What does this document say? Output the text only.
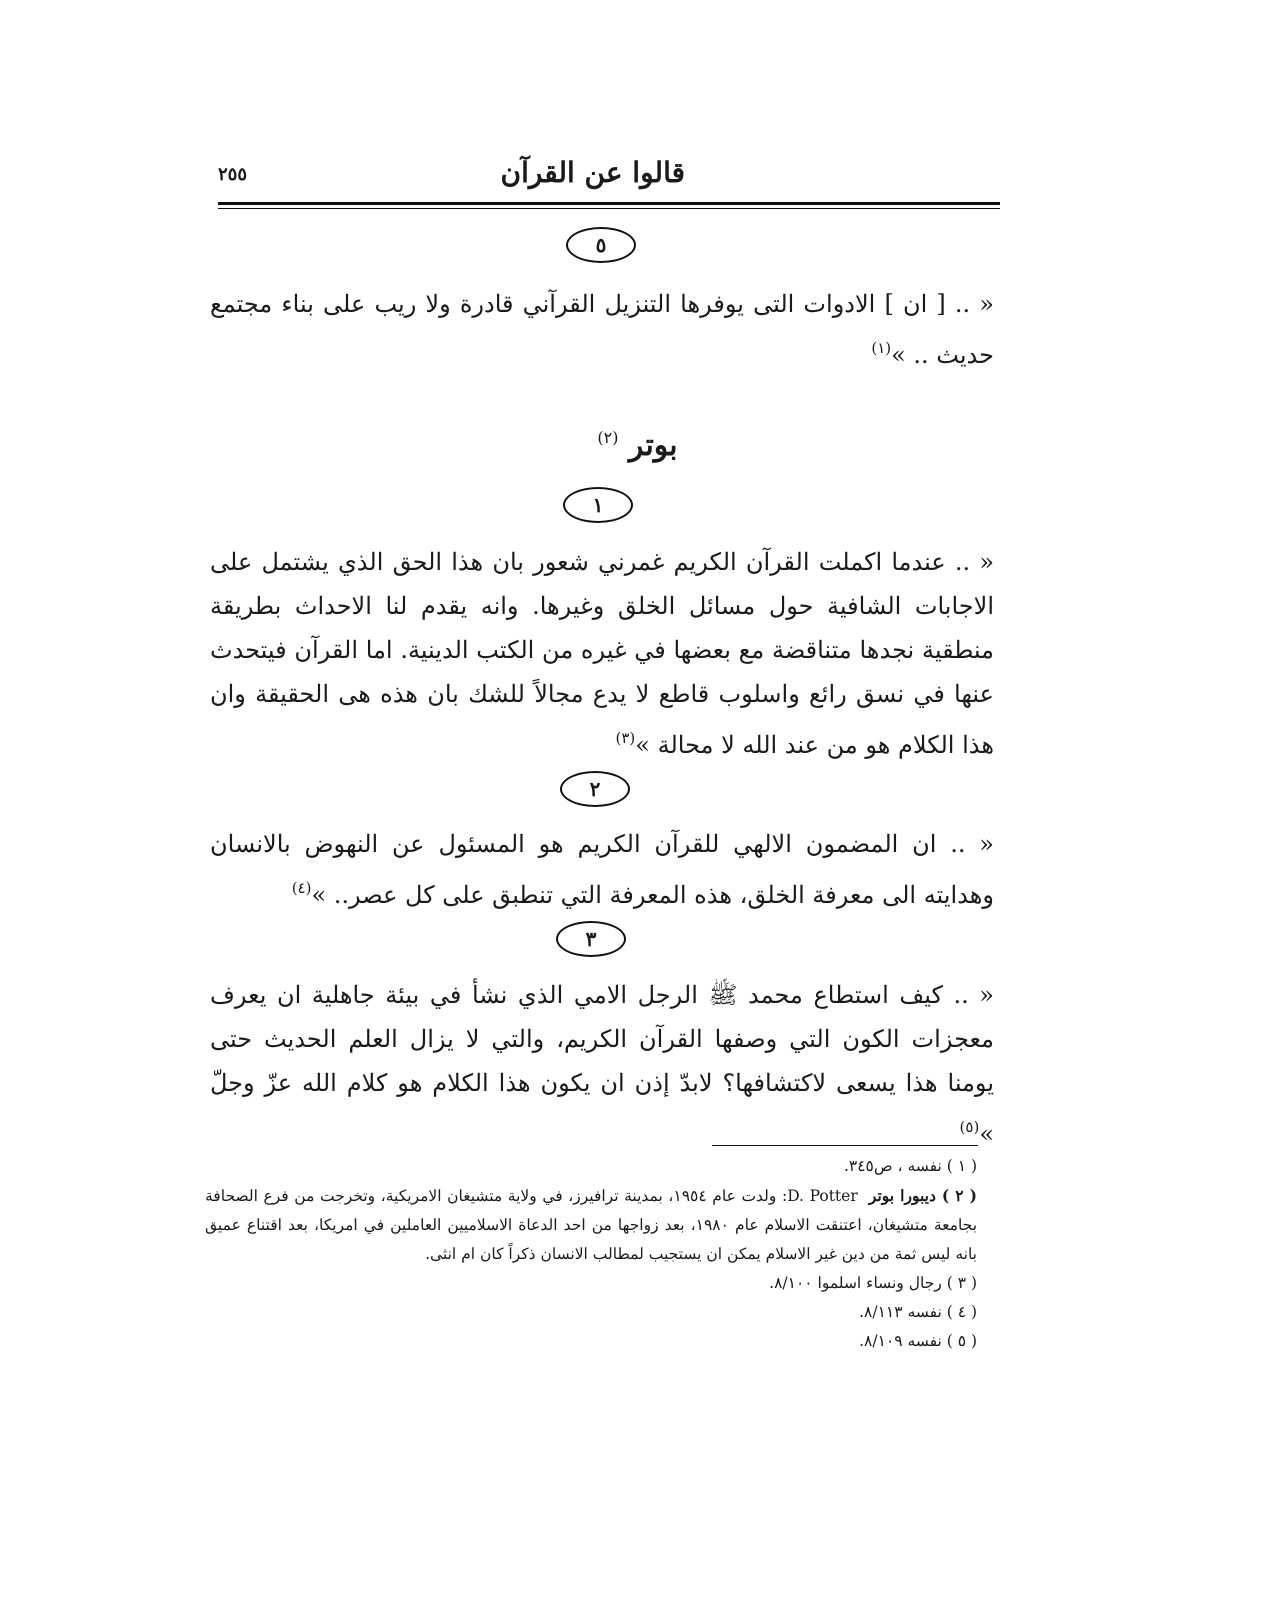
قالوا عن القرآن
٢٥٥
٥
« .. [ ان ] الادوات التى يوفرها التنزيل القرآني قادرة ولا ريب على بناء مجتمع حديث .. »$^{(١)}$
بوتر $^{(٢)}$
١
« .. عندما اكملت القرآن الكريم غمرني شعور بان هذا الحق الذي يشتمل على الاجابات الشافية حول مسائل الخلق وغيرها. وانه يقدم لنا الاحداث بطريقة منطقية نجدها متناقضة مع بعضها في غيره من الكتب الدينية. اما القرآن فيتحدث عنها في نسق رائع واسلوب قاطع لا يدع مجالاً للشك بان هذه هى الحقيقة وان هذا الكلام هو من عند الله لا محالة »$^{(٣)}$
٢
« .. ان المضمون الالهي للقرآن الكريم هو المسئول عن النهوض بالانسان وهدايته الى معرفة الخلق، هذه المعرفة التي تنطبق على كل عصر.. »$^{(٤)}$
٣
« .. كيف استطاع محمد ﷺ الرجل الامي الذي نشأ في بيئة جاهلية ان يعرف معجزات الكون التي وصفها القرآن الكريم، والتي لا يزال العلم الحديث حتى يومنا هذا يسعى لاكتشافها؟ لابدّ إذن ان يكون هذا الكلام هو كلام الله عزّ وجلّ »$^{(٥)}$
( ١ ) نفسه ، ص٣٤٥.
( ٢ ) ديبورا بوتر  D. Potter: ولدت عام ١٩٥٤، بمدينة ترافيرز، في ولاية متشيغان الامريكية، وتخرجت من فرع الصحافة بجامعة متشيغان، اعتنقت الاسلام عام ١٩٨٠، بعد زواجها من احد الدعاة الاسلاميين العاملين في امريكا، بعد اقتناع عميق بانه ليس ثمة من دين غير الاسلام يمكن ان يستجيب لمطالب الانسان ذكراً كان ام انثى.
( ٣ ) رجال ونساء اسلموا ٨/١٠٠.
( ٤ ) نفسه ٨/١١٣.
( ٥ ) نفسه ٨/١٠٩.
